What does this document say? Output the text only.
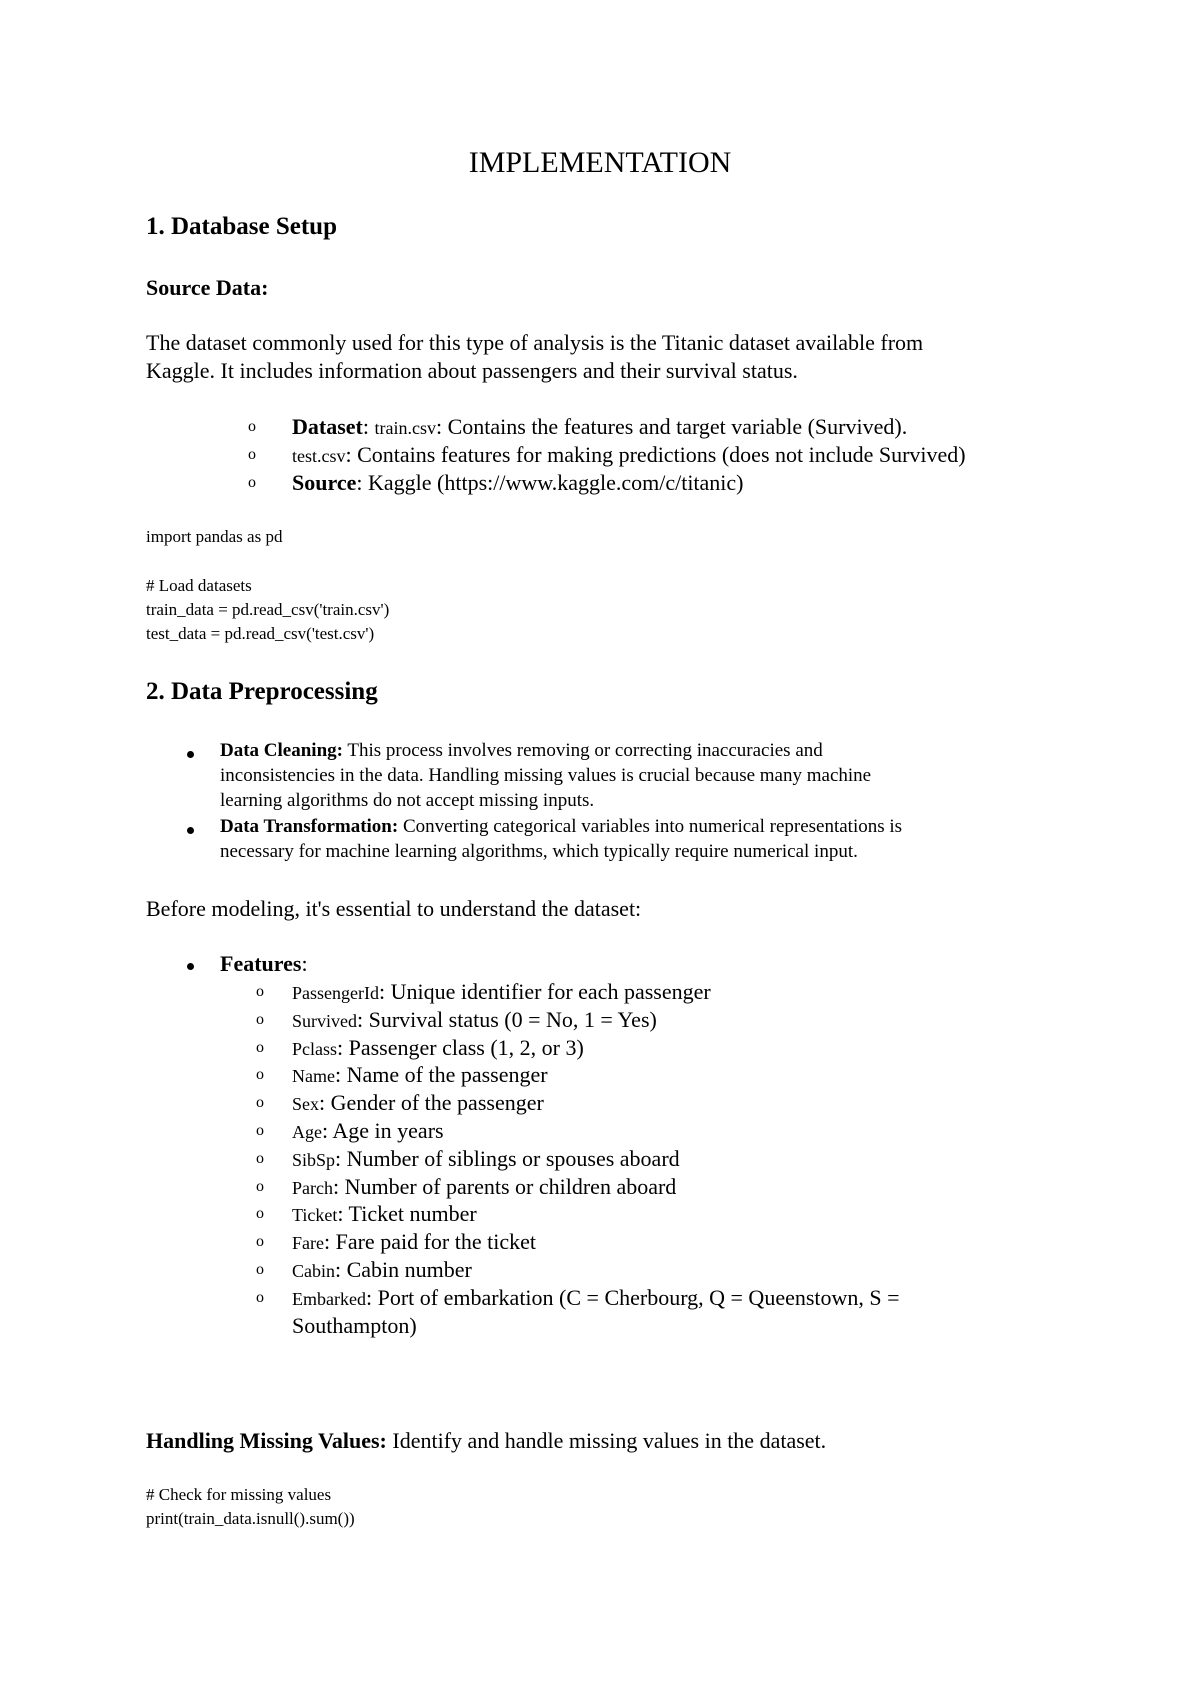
IMPLEMENTATION
1. Database Setup
Source Data:
The dataset commonly used for this type of analysis is the Titanic dataset available from
Kaggle. It includes information about passengers and their survival status.
o Dataset: train.csv: Contains the features and target variable (Survived).
o test.csv: Contains features for making predictions (does not include Survived)
o Source: Kaggle (https://www.kaggle.com/c/titanic)
import pandas as pd
# Load datasets
train_data = pd.read_csv('train.csv')
test_data = pd.read_csv('test.csv')
2. Data Preprocessing
Data Cleaning: This process involves removing or correcting inaccuracies and
inconsistencies in the data. Handling missing values is crucial because many machine
learning algorithms do not accept missing inputs.
Data Transformation: Converting categorical variables into numerical representations is
necessary for machine learning algorithms, which typically require numerical input.
Before modeling, it's essential to understand the dataset:
Features:
o PassengerId: Unique identifier for each passenger
o Survived: Survival status (0 = No, 1 = Yes)
o Pclass: Passenger class (1, 2, or 3)
o Name: Name of the passenger
o Sex: Gender of the passenger
o Age: Age in years
o SibSp: Number of siblings or spouses aboard
o Parch: Number of parents or children aboard
o Ticket: Ticket number
o Fare: Fare paid for the ticket
o Cabin: Cabin number
o Embarked: Port of embarkation (C = Cherbourg, Q = Queenstown, S =
Southampton)
Handling Missing Values: Identify and handle missing values in the dataset.
# Check for missing values
print(train_data.isnull().sum())
